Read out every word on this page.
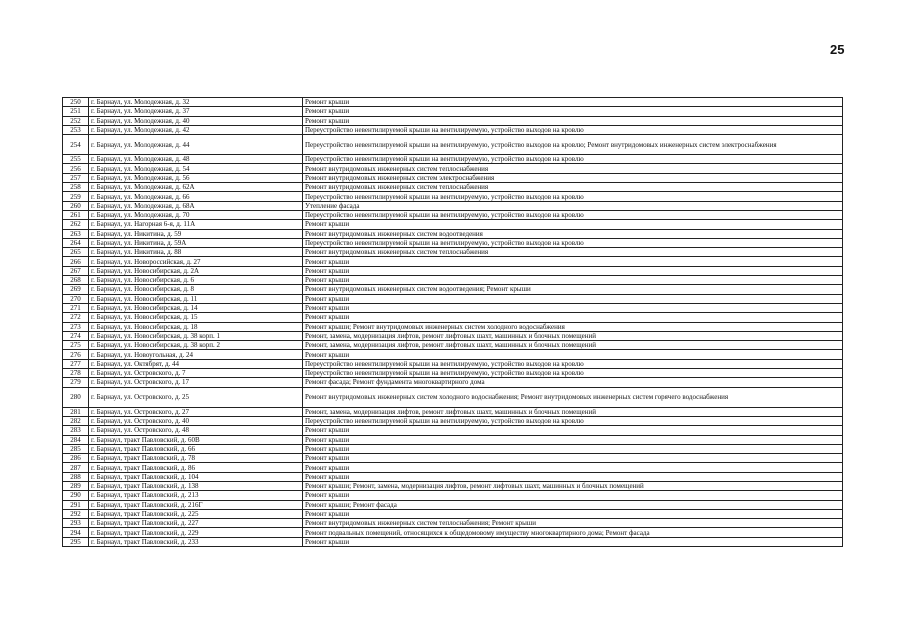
25
250	г. Барнаул, ул. Молодежная, д. 32	Ремонт крыши
251	г. Барнаул, ул. Молодежная, д. 37	Ремонт крыши
252	г. Барнаул, ул. Молодежная, д. 40	Ремонт крыши
253	г. Барнаул, ул. Молодежная, д. 42	Переустройство невентилируемой крыши на вентилируемую, устройство выходов на кровлю
254	г. Барнаул, ул. Молодежная, д. 44	Переустройство невентилируемой крыши на вентилируемую, устройство выходов на кровлю; Ремонт внутридомовых инженерных систем электроснабжения
255	г. Барнаул, ул. Молодежная, д. 48	Переустройство невентилируемой крыши на вентилируемую, устройство выходов на кровлю
256	г. Барнаул, ул. Молодежная, д. 54	Ремонт внутридомовых инженерных систем теплоснабжения
257	г. Барнаул, ул. Молодежная, д. 56	Ремонт внутридомовых инженерных систем электроснабжения
258	г. Барнаул, ул. Молодежная, д. 62А	Ремонт внутридомовых инженерных систем теплоснабжения
259	г. Барнаул, ул. Молодежная, д. 66	Переустройство невентилируемой крыши на вентилируемую, устройство выходов на кровлю
260	г. Барнаул, ул. Молодежная, д. 68А	Утепление фасада
261	г. Барнаул, ул. Молодежная, д. 70	Переустройство невентилируемой крыши на вентилируемую, устройство выходов на кровлю
262	г. Барнаул, ул. Нагорная 6-я, д. 11А	Ремонт крыши
263	г. Барнаул, ул. Никитина, д. 59	Ремонт внутридомовых инженерных систем водоотведения
264	г. Барнаул, ул. Никитина, д. 59А	Переустройство невентилируемой крыши на вентилируемую, устройство выходов на кровлю
265	г. Барнаул, ул. Никитина, д. 88	Ремонт внутридомовых инженерных систем теплоснабжения
266	г. Барнаул, ул. Новороссийская, д. 27	Ремонт крыши
267	г. Барнаул, ул. Новосибирская, д. 2А	Ремонт крыши
268	г. Барнаул, ул. Новосибирская, д. 6	Ремонт крыши
269	г. Барнаул, ул. Новосибирская, д. 8	Ремонт внутридомовых инженерных систем водоотведения; Ремонт крыши
270	г. Барнаул, ул. Новосибирская, д. 11	Ремонт крыши
271	г. Барнаул, ул. Новосибирская, д. 14	Ремонт крыши
272	г. Барнаул, ул. Новосибирская, д. 15	Ремонт крыши
273	г. Барнаул, ул. Новосибирская, д. 18	Ремонт крыши; Ремонт внутридомовых инженерных систем холодного водоснабжения
274	г. Барнаул, ул. Новосибирская, д. 38 корп. 1	Ремонт, замена, модернизация лифтов, ремонт лифтовых шахт, машинных и блочных помещений
275	г. Барнаул, ул. Новосибирская, д. 38 корп. 2	Ремонт, замена, модернизация лифтов, ремонт лифтовых шахт, машинных и блочных помещений
276	г. Барнаул, ул. Новоугольная, д. 24	Ремонт крыши
277	г. Барнаул, ул. Октябрят, д. 44	Переустройство невентилируемой крыши на вентилируемую, устройство выходов на кровлю
278	г. Барнаул, ул. Островского, д. 7	Переустройство невентилируемой крыши на вентилируемую, устройство выходов на кровлю
279	г. Барнаул, ул. Островского, д. 17	Ремонт фасада; Ремонт фундамента многоквартирного дома
280	г. Барнаул, ул. Островского, д. 25	Ремонт внутридомовых инженерных систем холодного водоснабжения; Ремонт внутридомовых инженерных систем горячего водоснабжения
281	г. Барнаул, ул. Островского, д. 27	Ремонт, замена, модернизация лифтов, ремонт лифтовых шахт, машинных и блочных помещений
282	г. Барнаул, ул. Островского, д. 40	Переустройство невентилируемой крыши на вентилируемую, устройство выходов на кровлю
283	г. Барнаул, ул. Островского, д. 48	Ремонт крыши
284	г. Барнаул, тракт Павловский, д. 60В	Ремонт крыши
285	г. Барнаул, тракт Павловский, д. 66	Ремонт крыши
286	г. Барнаул, тракт Павловский, д. 78	Ремонт крыши
287	г. Барнаул, тракт Павловский, д. 86	Ремонт крыши
288	г. Барнаул, тракт Павловский, д. 104	Ремонт крыши
289	г. Барнаул, тракт Павловский, д. 138	Ремонт крыши; Ремонт, замена, модернизация лифтов, ремонт лифтовых шахт, машинных и блочных помещений
290	г. Барнаул, тракт Павловский, д. 213	Ремонт крыши
291	г. Барнаул, тракт Павловский, д. 216Г	Ремонт крыши; Ремонт фасада
292	г. Барнаул, тракт Павловский, д. 225	Ремонт крыши
293	г. Барнаул, тракт Павловский, д. 227	Ремонт внутридомовых инженерных систем теплоснабжения; Ремонт крыши
294	г. Барнаул, тракт Павловский, д. 229	Ремонт подвальных помещений, относящихся к общедомовому имуществу многоквартирного дома; Ремонт фасада
295	г. Барнаул, тракт Павловский, д. 233	Ремонт крыши
